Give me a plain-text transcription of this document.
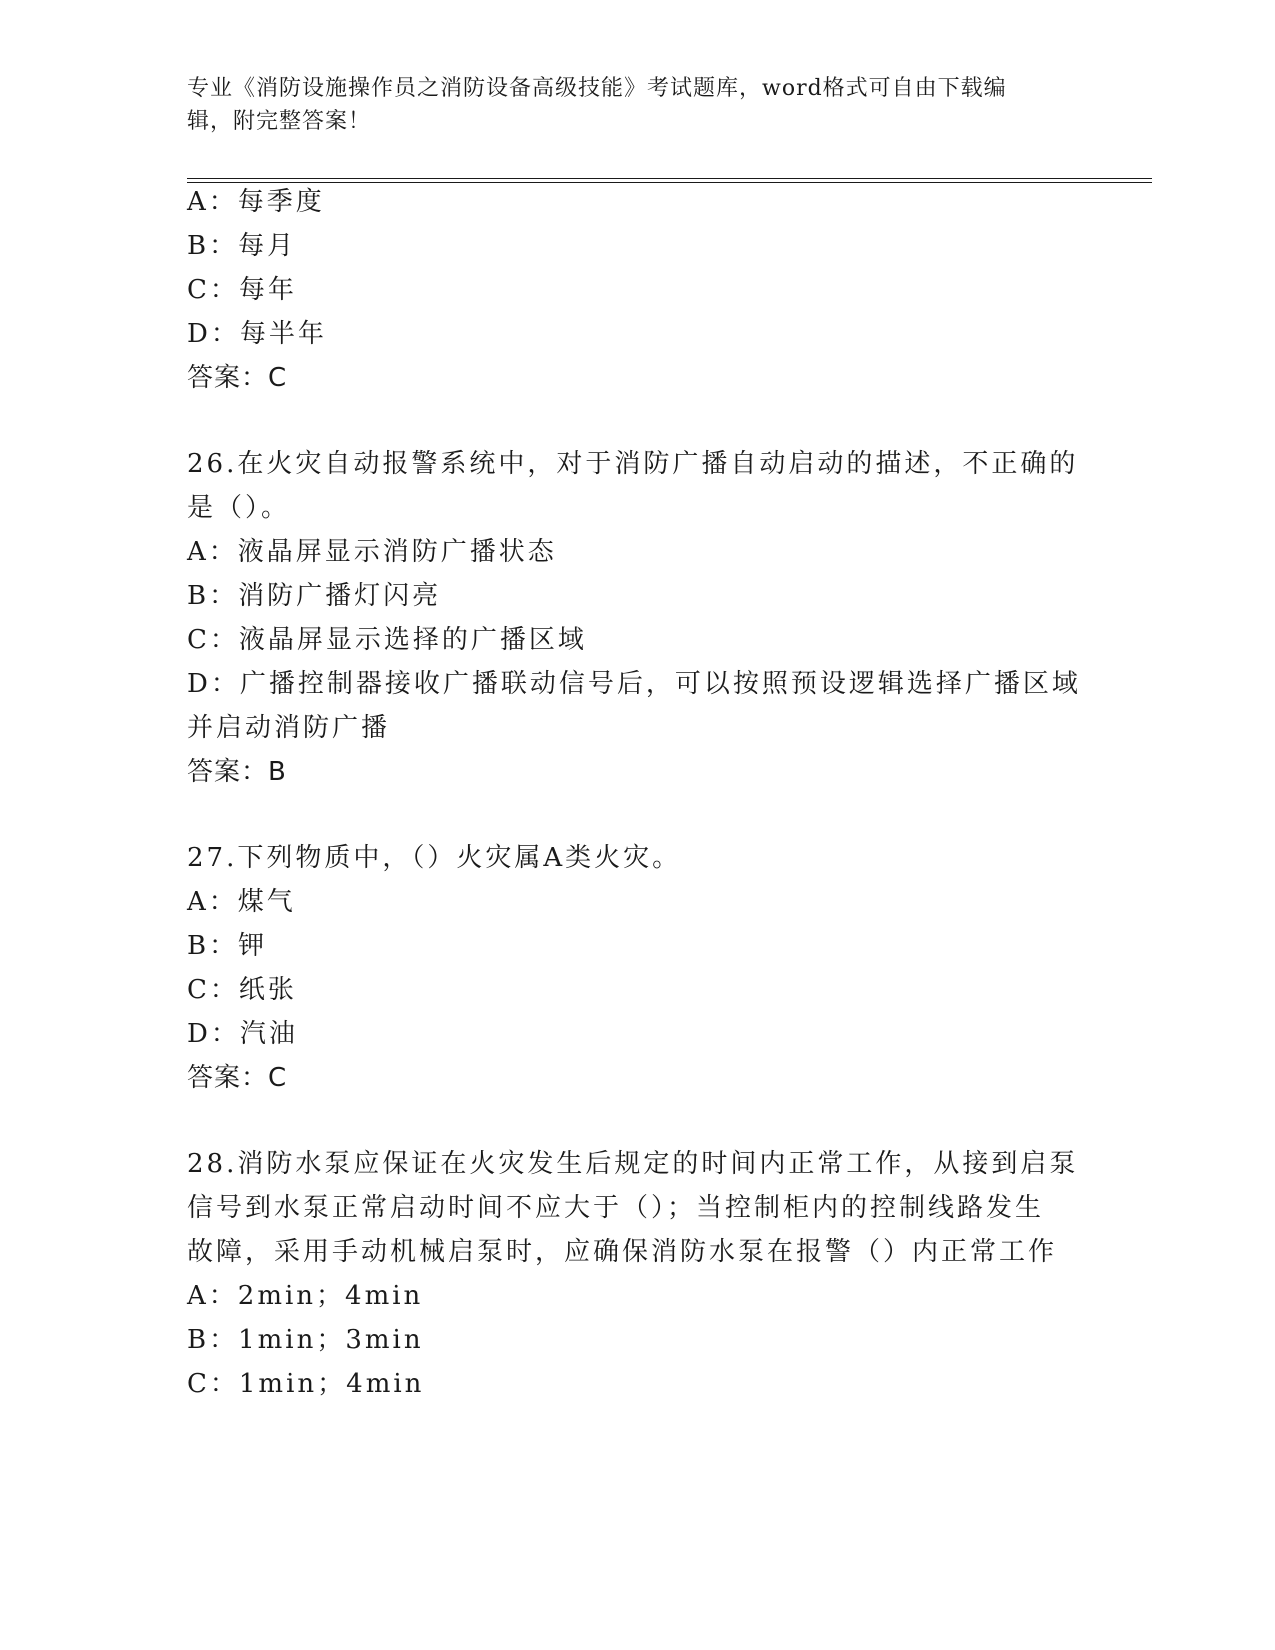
专业《消防设施操作员之消防设备高级技能》考试题库，word格式可自由下载编
辑，附完整答案！
A：每季度
B：每月
C：每年
D：每半年
答案：C
26.在火灾自动报警系统中，对于消防广播自动启动的描述，不正确的
是（）。
A：液晶屏显示消防广播状态
B：消防广播灯闪亮
C：液晶屏显示选择的广播区域
D：广播控制器接收广播联动信号后，可以按照预设逻辑选择广播区域
并启动消防广播
答案：B
27.下列物质中，（）火灾属A类火灾。
A：煤气
B：钾
C：纸张
D：汽油
答案：C
28.消防水泵应保证在火灾发生后规定的时间内正常工作，从接到启泵
信号到水泵正常启动时间不应大于（）；当控制柜内的控制线路发生
故障，采用手动机械启泵时，应确保消防水泵在报警（）内正常工作
A：2min；4min
B：1min；3min
C：1min；4min
